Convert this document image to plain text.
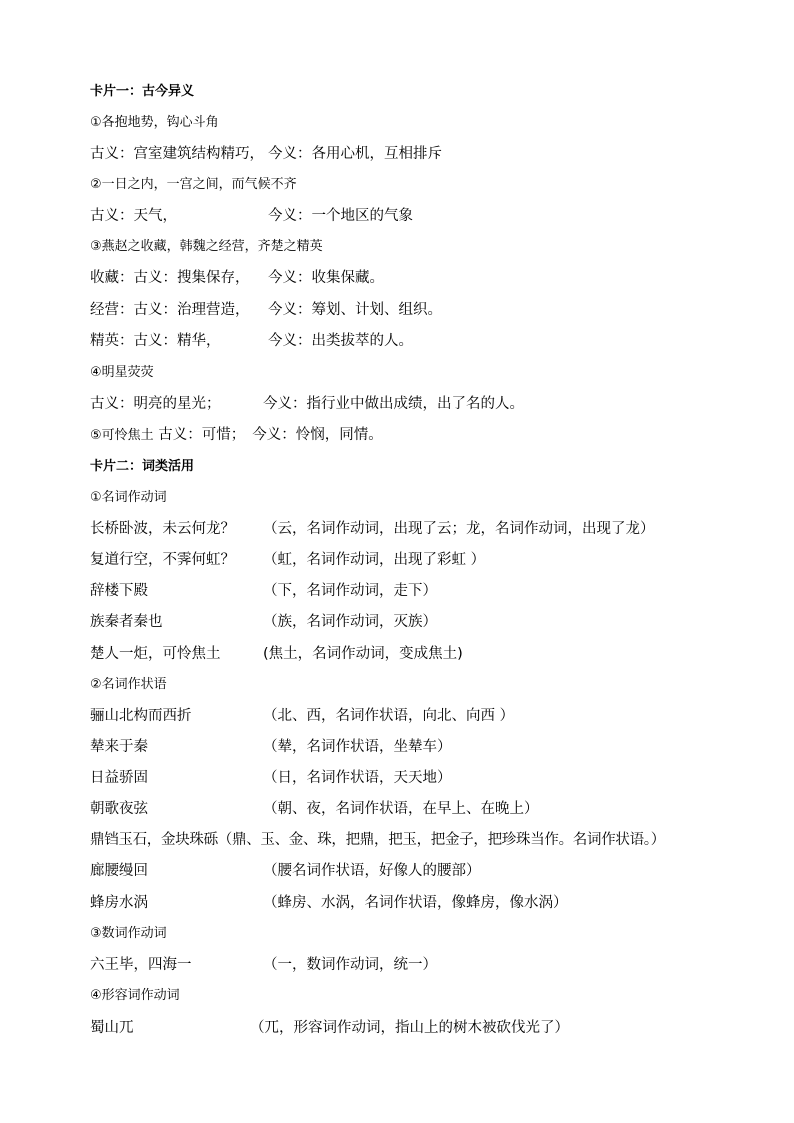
卡片一：古今异义
①各抱地势，钩心斗角
古义：宫室建筑结构精巧， 今义：各用心机，互相排斥
②一日之内，一宫之间，而气候不齐
古义：天气，	今义：一个地区的气象
③燕赵之收藏，韩魏之经营，齐楚之精英
收藏：古义：搜集保存， 今义：收集保藏。
经营：古义：治理营造， 今义：筹划、计划、组织。
精英：古义：精华，	今义：出类拔萃的人。
④明星荧荧
古义：明亮的星光；	今义：指行业中做出成绩，出了名的人。
⑤可怜焦土 古义：可惜； 今义：怜悯，同情。
卡片二：词类活用
①名词作动词
长桥卧波，未云何龙？ （云，名词作动词，出现了云；龙，名词作动词，出现了龙）
复道行空，不霁何虹？ （虹，名词作动词，出现了彩虹 ）
辞楼下殿	（下，名词作动词，走下）
族秦者秦也	（族，名词作动词，灭族）
楚人一炬，可怜焦土	(焦土，名词作动词，变成焦土)
②名词作状语
骊山北构而西折	（北、西，名词作状语，向北、向西 ）
辇来于秦	（辇，名词作状语，坐辇车）
日益骄固	（日，名词作状语，天天地）
朝歌夜弦	（朝、夜，名词作状语，在早上、在晚上）
鼎铛玉石，金块珠砾（鼎、玉、金、珠，把鼎，把玉，把金子，把珍珠当作。名词作状语。）
廊腰缦回	（腰名词作状语，好像人的腰部）
蜂房水涡	（蜂房、水涡，名词作状语，像蜂房，像水涡）
③数词作动词
六王毕，四海一	（一，数词作动词，统一）
④形容词作动词
蜀山兀	（兀，形容词作动词，指山上的树木被砍伐光了）
